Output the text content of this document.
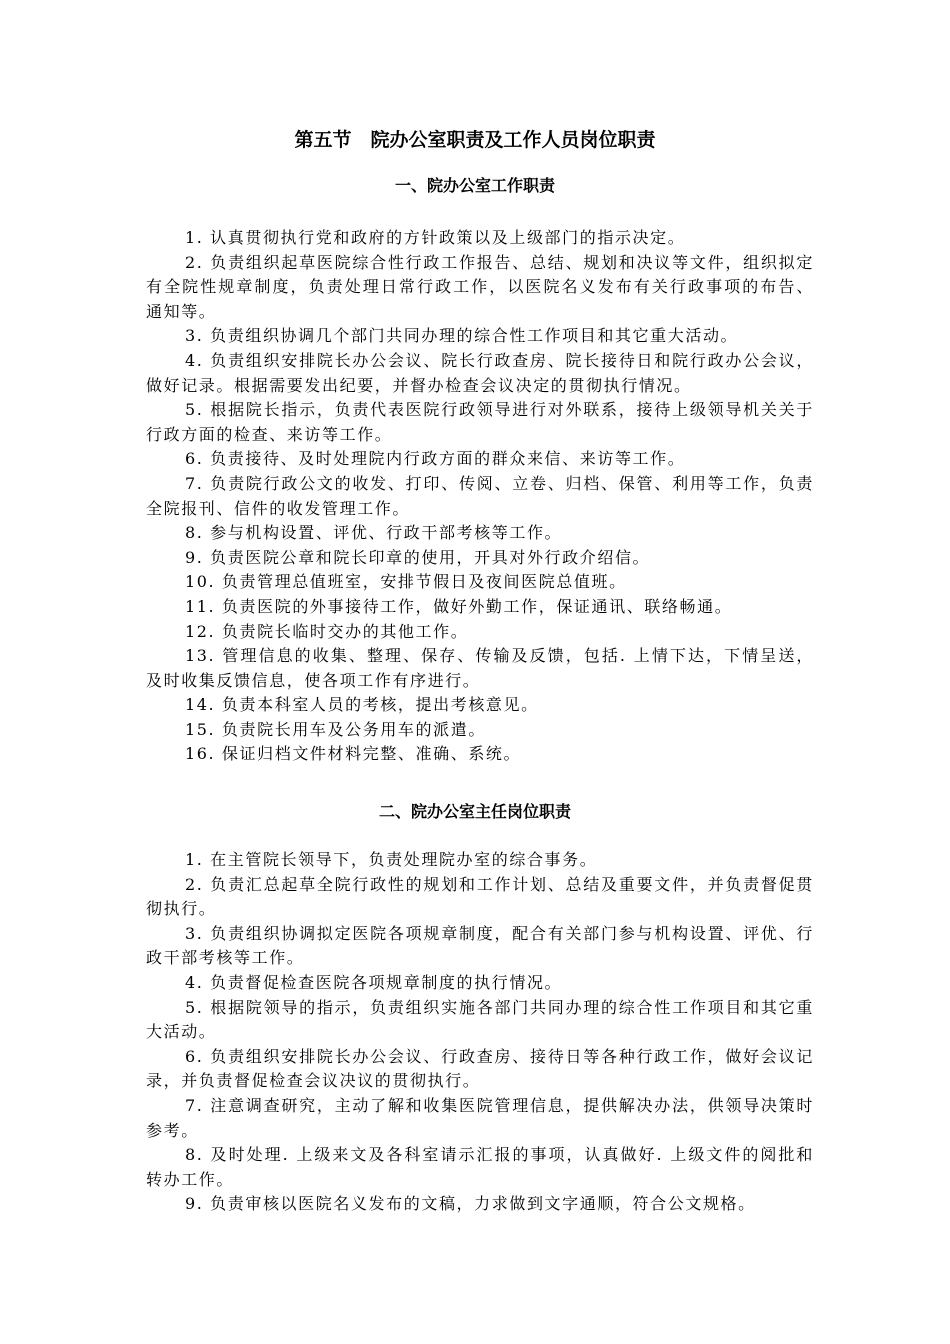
第五节　院办公室职责及工作人员岗位职责
一、院办公室工作职责

1. 认真贯彻执行党和政府的方针政策以及上级部门的指示决定。

2. 负责组织起草医院综合性行政工作报告、总结、规划和决议等文件，组织拟定有全院性规章制度，负责处理日常行政工作，以医院名义发布有关行政事项的布告、通知等。

3. 负责组织协调几个部门共同办理的综合性工作项目和其它重大活动。

4. 负责组织安排院长办公会议、院长行政查房、院长接待日和院行政办公会议，做好记录。根据需要发出纪要，并督办检查会议决定的贯彻执行情况。

5. 根据院长指示，负责代表医院行政领导进行对外联系，接待上级领导机关关于行政方面的检查、来访等工作。

6. 负责接待、及时处理院内行政方面的群众来信、来访等工作。

7. 负责院行政公文的收发、打印、传阅、立卷、归档、保管、利用等工作，负责全院报刊、信件的收发管理工作。

8. 参与机构设置、评优、行政干部考核等工作。

9. 负责医院公章和院长印章的使用，开具对外行政介绍信。

10. 负责管理总值班室，安排节假日及夜间医院总值班。

11. 负责医院的外事接待工作，做好外勤工作，保证通讯、联络畅通。

12. 负责院长临时交办的其他工作。

13. 管理信息的收集、整理、保存、传输及反馈，包括. 上情下达，下情呈送，及时收集反馈信息，使各项工作有序进行。

14. 负责本科室人员的考核，提出考核意见。

15. 负责院长用车及公务用车的派遣。

16. 保证归档文件材料完整、准确、系统。

二、院办公室主任岗位职责

1. 在主管院长领导下，负责处理院办室的综合事务。

2. 负责汇总起草全院行政性的规划和工作计划、总结及重要文件，并负责督促贯彻执行。

3. 负责组织协调拟定医院各项规章制度，配合有关部门参与机构设置、评优、行政干部考核等工作。

4. 负责督促检查医院各项规章制度的执行情况。

5. 根据院领导的指示，负责组织实施各部门共同办理的综合性工作项目和其它重大活动。

6. 负责组织安排院长办公会议、行政查房、接待日等各种行政工作，做好会议记录，并负责督促检查会议决议的贯彻执行。

7. 注意调查研究，主动了解和收集医院管理信息，提供解决办法，供领导决策时参考。

8. 及时处理. 上级来文及各科室请示汇报的事项，认真做好. 上级文件的阅批和转办工作。

9. 负责审核以医院名义发布的文稿，力求做到文字通顺，符合公文规格。
